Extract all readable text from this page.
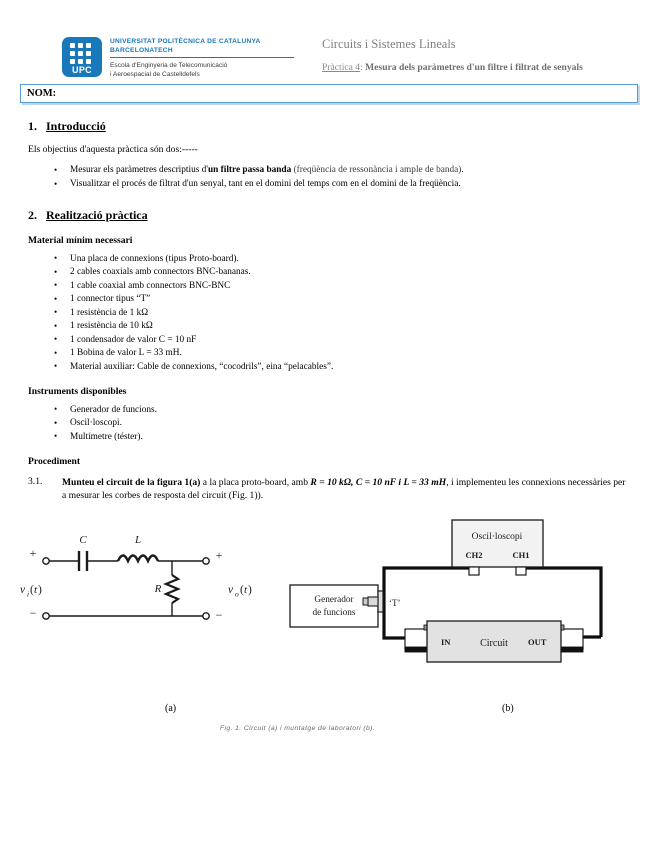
UPC
UNIVERSITAT POLITÈCNICA DE CATALUNYA
BARCELONATECH
Escola d'Enginyeria de Telecomunicació
i Aeroespacial de Castelldefels
Circuits i Sistemes Lineals
Pràctica 4: Mesura dels paràmetres d'un filtre i filtrat de senyals
NOM:
1. Introducció

Els objectius d'aquesta pràctica són dos:-----

• Mesurar els paràmetres descriptius d'un filtre passa banda (freqüència de ressonància i ample de banda).
• Visualitzar el procés de filtrat d'un senyal, tant en el domini del temps com en el domini de la freqüència.
2. Realització pràctica
Material mínim necessari
• Una placa de connexions (tipus Proto-board).
• 2 cables coaxials amb connectors BNC-bananas.
• 1 cable coaxial amb connectors BNC-BNC
• 1 connector tipus “T”
• 1 resistència de 1 kΩ
• 1 resistència de 10 kΩ
• 1 condensador de valor C = 10 nF
• 1 Bobina de valor L = 33 mH.
• Material auxiliar: Cable de connexions, “cocodrils”, eina “pelacables”.
Instruments disponibles
• Generador de funcions.
• Oscil·loscopi.
• Multímetre (téster).
Procediment
3.1.	Munteu el circuit de la figura 1(a) a la placa proto-board, amb R = 10 kΩ, C = 10 nF i L = 33 mH, i implementeu les connexions necessàries per a mesurar les corbes de resposta del circuit (Fig. 1)).
C	L
R
+
−
+
−
v i ( t )	v o ( t )
Oscil·loscopi
CH2	CH1
Generador
de funcions
‘T’
IN	Circuit OUT
(a)	(b)
Fig. 1. Circuit (a) i muntatge de laboratori (b).
